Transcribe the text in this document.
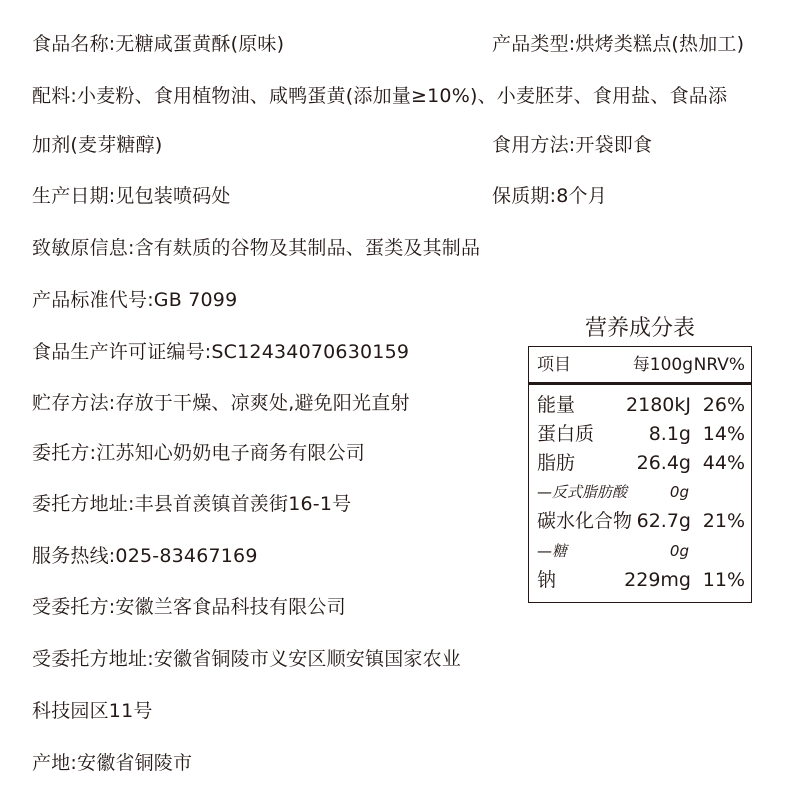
食品名称:无糖咸蛋黄酥(原味)	产品类型:烘烤类糕点(热加工)
配料:小麦粉、食用植物油、咸鸭蛋黄(添加量≥10%)、小麦胚芽、食用盐、食品添
加剂(麦芽糖醇)	食用方法:开袋即食
生产日期:见包装喷码处	保质期:8个月
致敏原信息:含有麸质的谷物及其制品、蛋类及其制品
产品标准代号:GB 7099
食品生产许可证编号:SC12434070630159
贮存方法:存放于干燥、凉爽处,避免阳光直射
委托方:江苏知心奶奶电子商务有限公司
委托方地址:丰县首羡镇首羡街16-1号
服务热线:025-83467169
受委托方:安徽兰客食品科技有限公司
受委托方地址:安徽省铜陵市义安区顺安镇国家农业
科技园区11号
产地:安徽省铜陵市
营养成分表
项目	每100g NRV%
能量	2180kJ 26%
蛋白质	8.1g 14%
脂肪	26.4g 44%
—反式脂肪酸	0g
碳水化合物 62.7g 21%
—糖	0g
钠	229mg 11%
